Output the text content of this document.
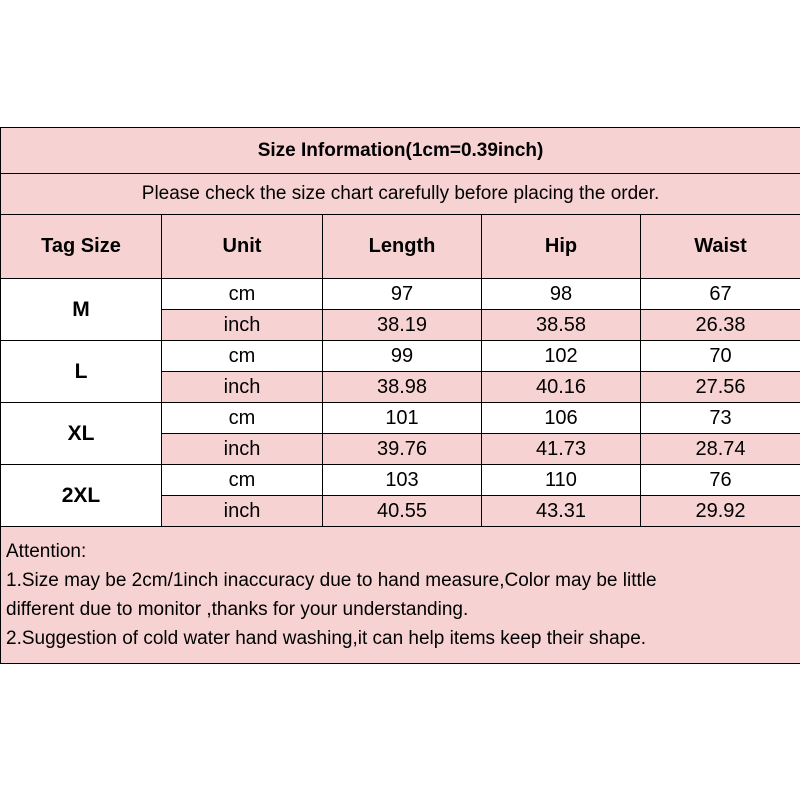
Size Information(1cm=0.39inch)				
Please check the size chart carefully before placing the order.				
Tag Size	Unit	Length	Hip	Waist
M	cm	97	98	67
	inch	38.19	38.58	26.38
L	cm	99	102	70
	inch	38.98	40.16	27.56
XL	cm	101	106	73
	inch	39.76	41.73	28.74
2XL	cm	103	110	76
	inch	40.55	43.31	29.92

Attention:
1.Size may be 2cm/1inch inaccuracy due to hand measure,Color may be little
different due to monitor ,thanks for your understanding.
2.Suggestion of cold water hand washing,it can help items keep their shape.				
